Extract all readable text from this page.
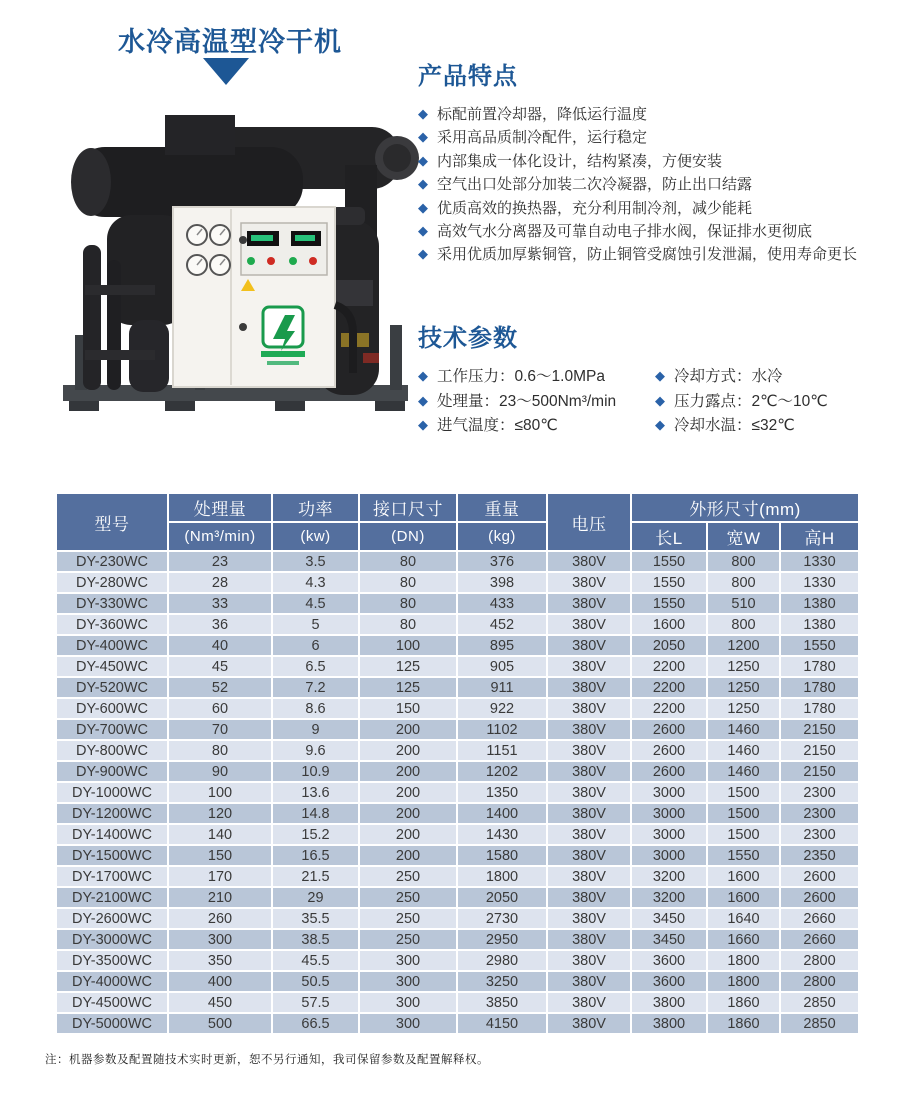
水冷高温型冷干机
产品特点
◆ 标配前置冷却器，降低运行温度
◆ 采用高品质制冷配件，运行稳定
◆ 内部集成一体化设计，结构紧凑，方便安装
◆ 空气出口处部分加装二次冷凝器，防止出口结露
◆ 优质高效的换热器，充分利用制冷剂，减少能耗
◆ 高效气水分离器及可靠自动电子排水阀，保证排水更彻底
◆ 采用优质加厚紫铜管，防止铜管受腐蚀引发泄漏，使用寿命更长
技术参数
◆ 工作压力：0.6～1.0MPa
◆ 处理量：23～500Nm³/min
◆ 进气温度：≤80℃
◆ 冷却方式：水冷
◆ 压力露点：2℃～10℃
◆ 冷却水温：≤32℃
型号	处理量	功率	接口尺寸	重量	电压	外形尺寸(mm)		
	(Nm³/min)	(kw)	(DN)	(kg)		长L	宽W	高H
DY-230WC	23	3.5	80	376	380V	1550	800	1330
DY-280WC	28	4.3	80	398	380V	1550	800	1330
DY-330WC	33	4.5	80	433	380V	1550	510	1380
DY-360WC	36	5	80	452	380V	1600	800	1380
DY-400WC	40	6	100	895	380V	2050	1200	1550
DY-450WC	45	6.5	125	905	380V	2200	1250	1780
DY-520WC	52	7.2	125	911	380V	2200	1250	1780
DY-600WC	60	8.6	150	922	380V	2200	1250	1780
DY-700WC	70	9	200	1102	380V	2600	1460	2150
DY-800WC	80	9.6	200	1151	380V	2600	1460	2150
DY-900WC	90	10.9	200	1202	380V	2600	1460	2150
DY-1000WC	100	13.6	200	1350	380V	3000	1500	2300
DY-1200WC	120	14.8	200	1400	380V	3000	1500	2300
DY-1400WC	140	15.2	200	1430	380V	3000	1500	2300
DY-1500WC	150	16.5	200	1580	380V	3000	1550	2350
DY-1700WC	170	21.5	250	1800	380V	3200	1600	2600
DY-2100WC	210	29	250	2050	380V	3200	1600	2600
DY-2600WC	260	35.5	250	2730	380V	3450	1640	2660
DY-3000WC	300	38.5	250	2950	380V	3450	1660	2660
DY-3500WC	350	45.5	300	2980	380V	3600	1800	2800
DY-4000WC	400	50.5	300	3250	380V	3600	1800	2800
DY-4500WC	450	57.5	300	3850	380V	3800	1860	2850
DY-5000WC	500	66.5	300	4150	380V	3800	1860	2850
注：机器参数及配置随技术实时更新，恕不另行通知，我司保留参数及配置解释权。
